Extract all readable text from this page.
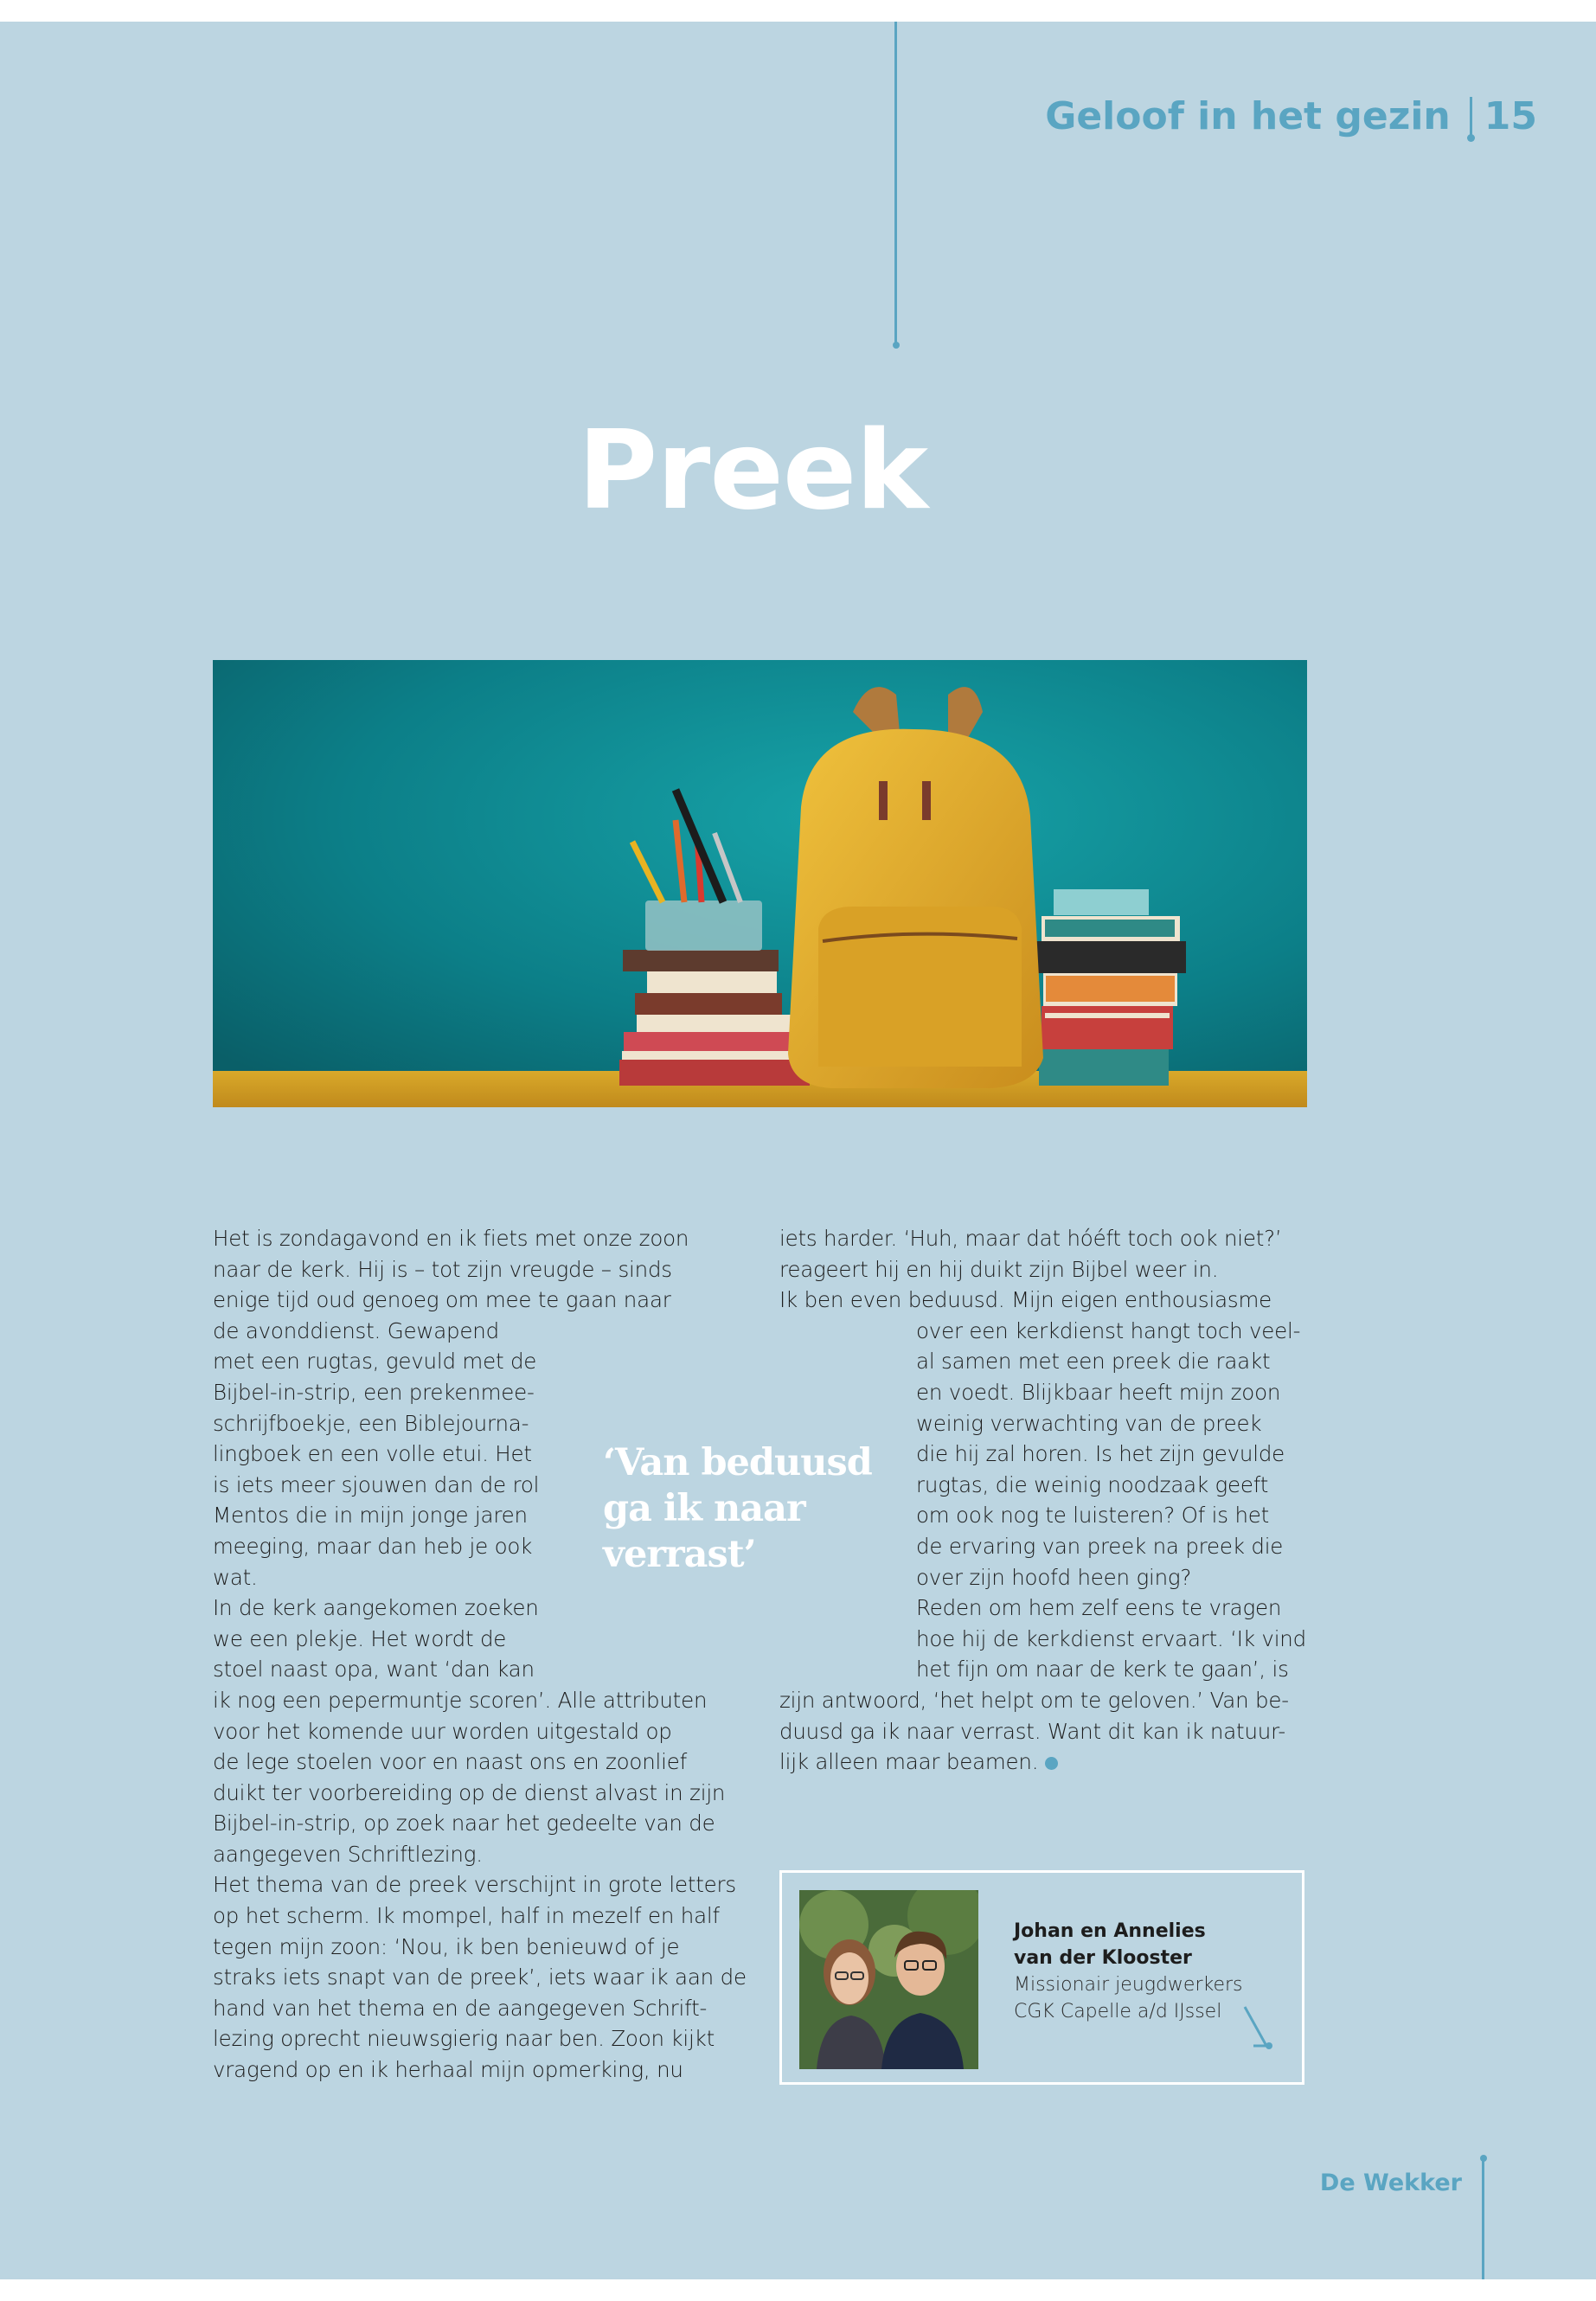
Geloof in het gezin 15
Preek
Het is zondagavond en ik fiets met onze zoon
naar de kerk. Hij is – tot zijn vreugde – sinds
enige tijd oud genoeg om mee te gaan naar
de avonddienst. Gewapend
met een rugtas, gevuld met de
Bijbel-in-strip, een prekenmee-
schrijfboekje, een Biblejourna-
lingboek en een volle etui. Het
is iets meer sjouwen dan de rol
Mentos die in mijn jonge jaren
meeging, maar dan heb je ook
wat.
In de kerk aangekomen zoeken
we een plekje. Het wordt de
stoel naast opa, want ‘dan kan
ik nog een pepermuntje scoren’. Alle attributen
voor het komende uur worden uitgestald op
de lege stoelen voor en naast ons en zoonlief
duikt ter voorbereiding op de dienst alvast in zijn
Bijbel-in-strip, op zoek naar het gedeelte van de
aangegeven Schriftlezing.
Het thema van de preek verschijnt in grote letters
op het scherm. Ik mompel, half in mezelf en half
tegen mijn zoon: ‘Nou, ik ben benieuwd of je
straks iets snapt van de preek’, iets waar ik aan de
hand van het thema en de aangegeven Schrift-
lezing oprecht nieuwsgierig naar ben. Zoon kijkt
vragend op en ik herhaal mijn opmerking, nu
‘Van beduusd ga ik naar verrast’
iets harder. ‘Huh, maar dat hóéft toch ook niet?’
reageert hij en hij duikt zijn Bijbel weer in.
Ik ben even beduusd. Mijn eigen enthousiasme
over een kerkdienst hangt toch veel-
al samen met een preek die raakt
en voedt. Blijkbaar heeft mijn zoon
weinig verwachting van de preek
die hij zal horen. Is het zijn gevulde
rugtas, die weinig noodzaak geeft
om ook nog te luisteren? Of is het
de ervaring van preek na preek die
over zijn hoofd heen ging?
Reden om hem zelf eens te vragen
hoe hij de kerkdienst ervaart. ‘Ik vind
het fijn om naar de kerk te gaan’, is
zijn antwoord, ‘het helpt om te geloven.’ Van be-
duusd ga ik naar verrast. Want dit kan ik natuur-
lijk alleen maar beamen.
Johan en Annelies
van der Klooster
Missionair jeugdwerkers
CGK Capelle a/d IJssel
De Wekker
